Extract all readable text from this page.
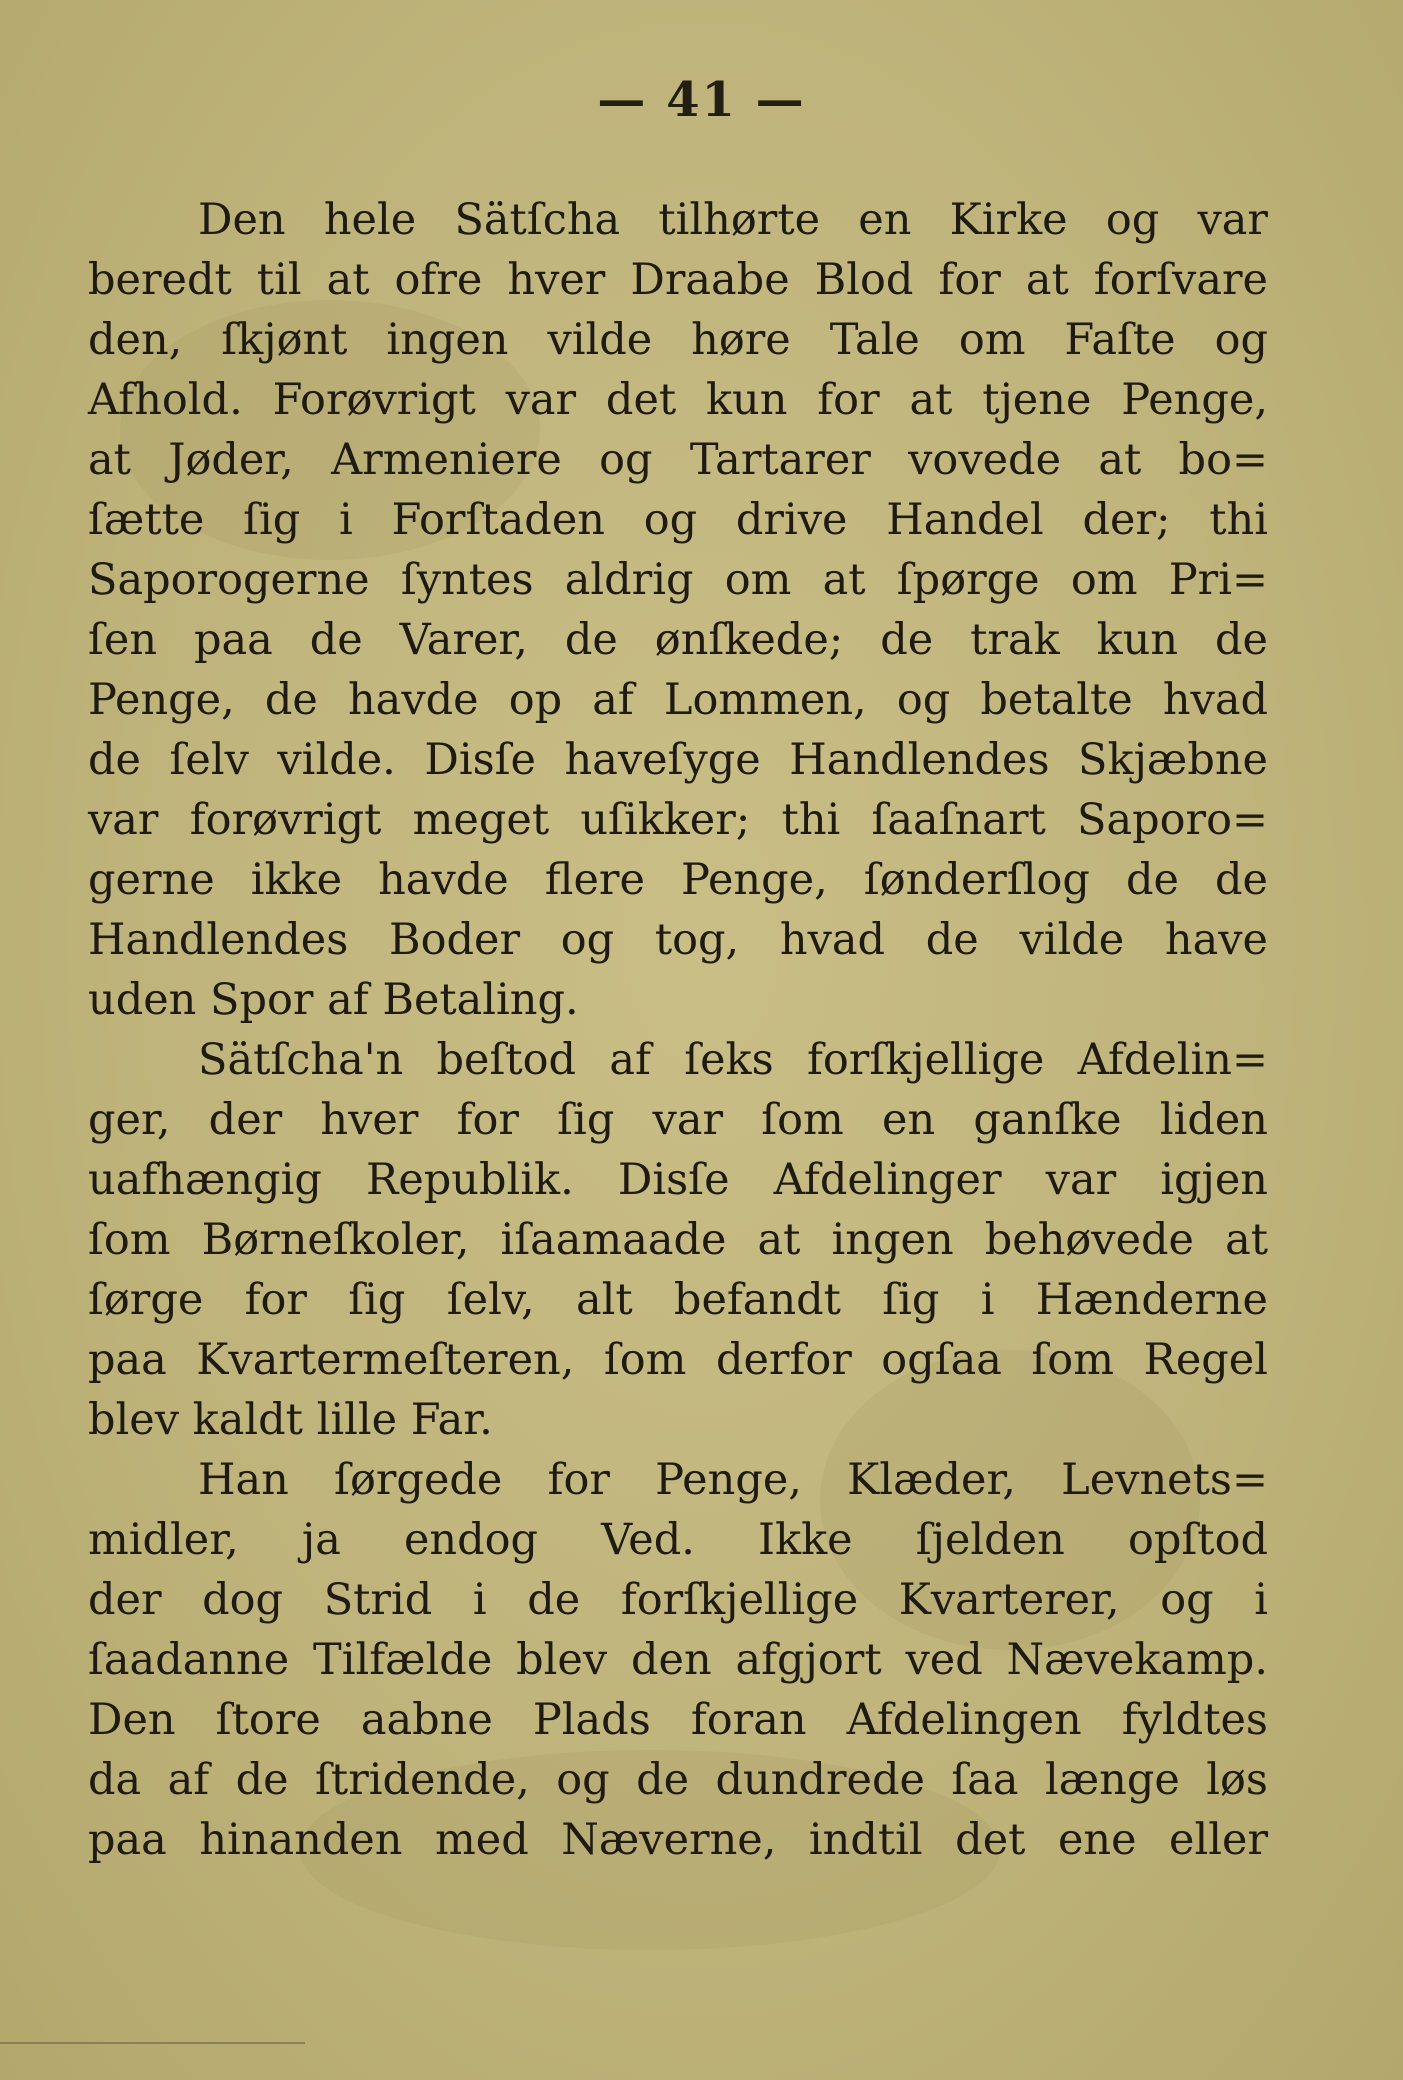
— 41 —
Den hele Sätſcha tilhørte en Kirke og var
beredt til at ofre hver Draabe Blod for at forſvare
den, ſkjønt ingen vilde høre Tale om Faſte og
Afhold. Forøvrigt var det kun for at tjene Penge,
at Jøder, Armeniere og Tartarer vovede at bo=
ſætte ſig i Forſtaden og drive Handel der; thi
Saporogerne ſyntes aldrig om at ſpørge om Pri=
ſen paa de Varer, de ønſkede; de trak kun de
Penge, de havde op af Lommen, og betalte hvad
de ſelv vilde. Disſe haveſyge Handlendes Skjæbne
var forøvrigt meget uſikker; thi ſaaſnart Saporo=
gerne ikke havde flere Penge, ſønderſlog de de
Handlendes Boder og tog, hvad de vilde have
uden Spor af Betaling.
Sätſcha'n beſtod af ſeks forſkjellige Afdelin=
ger, der hver for ſig var ſom en ganſke liden
uafhængig Republik. Disſe Afdelinger var igjen
ſom Børneſkoler, iſaamaade at ingen behøvede at
ſørge for ſig ſelv, alt befandt ſig i Hænderne
paa Kvartermeſteren, ſom derfor ogſaa ſom Regel
blev kaldt lille Far.
Han ſørgede for Penge, Klæder, Levnets=
midler, ja endog Ved. Ikke ſjelden opſtod
der dog Strid i de forſkjellige Kvarterer, og i
ſaadanne Tilfælde blev den afgjort ved Nævekamp.
Den ſtore aabne Plads foran Afdelingen fyldtes
da af de ſtridende, og de dundrede ſaa længe løs
paa hinanden med Næverne, indtil det ene eller
